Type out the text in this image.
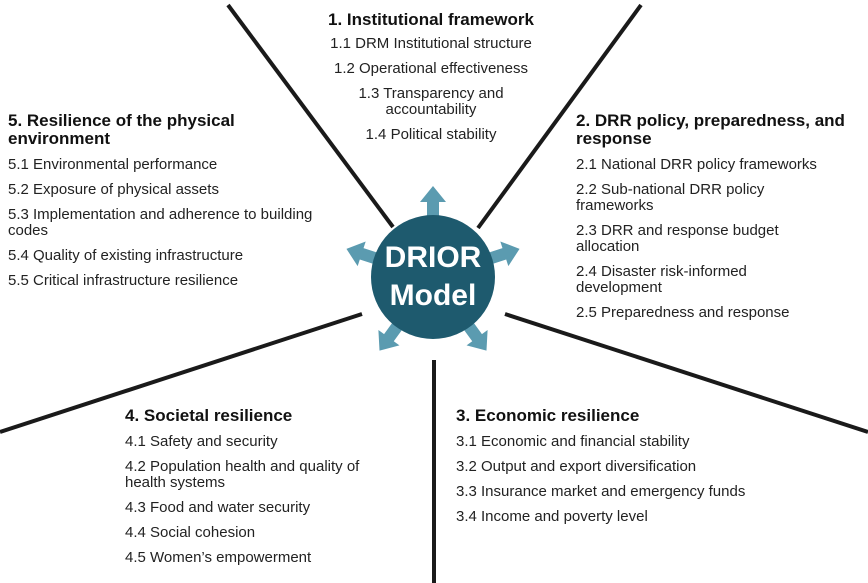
DRIOR
Model
1. Institutional framework
1.1 DRM Institutional structure
1.2 Operational effectiveness
1.3 Transparency and accountability
1.4 Political stability
2. DRR policy, preparedness, and response
2.1 National DRR policy frameworks
2.2 Sub-national DRR policy frameworks
2.3 DRR and response budget allocation
2.4 Disaster risk-informed development
2.5 Preparedness and response
3. Economic resilience
3.1 Economic and financial stability
3.2 Output and export diversification
3.3 Insurance market and emergency funds
3.4 Income and poverty level
4. Societal resilience
4.1 Safety and security
4.2 Population health and quality of health systems
4.3 Food and water security
4.4 Social cohesion
4.5 Women’s empowerment
5. Resilience of the physical environment
5.1 Environmental performance
5.2 Exposure of physical assets
5.3 Implementation and adherence to building codes
5.4 Quality of existing infrastructure
5.5 Critical infrastructure resilience
